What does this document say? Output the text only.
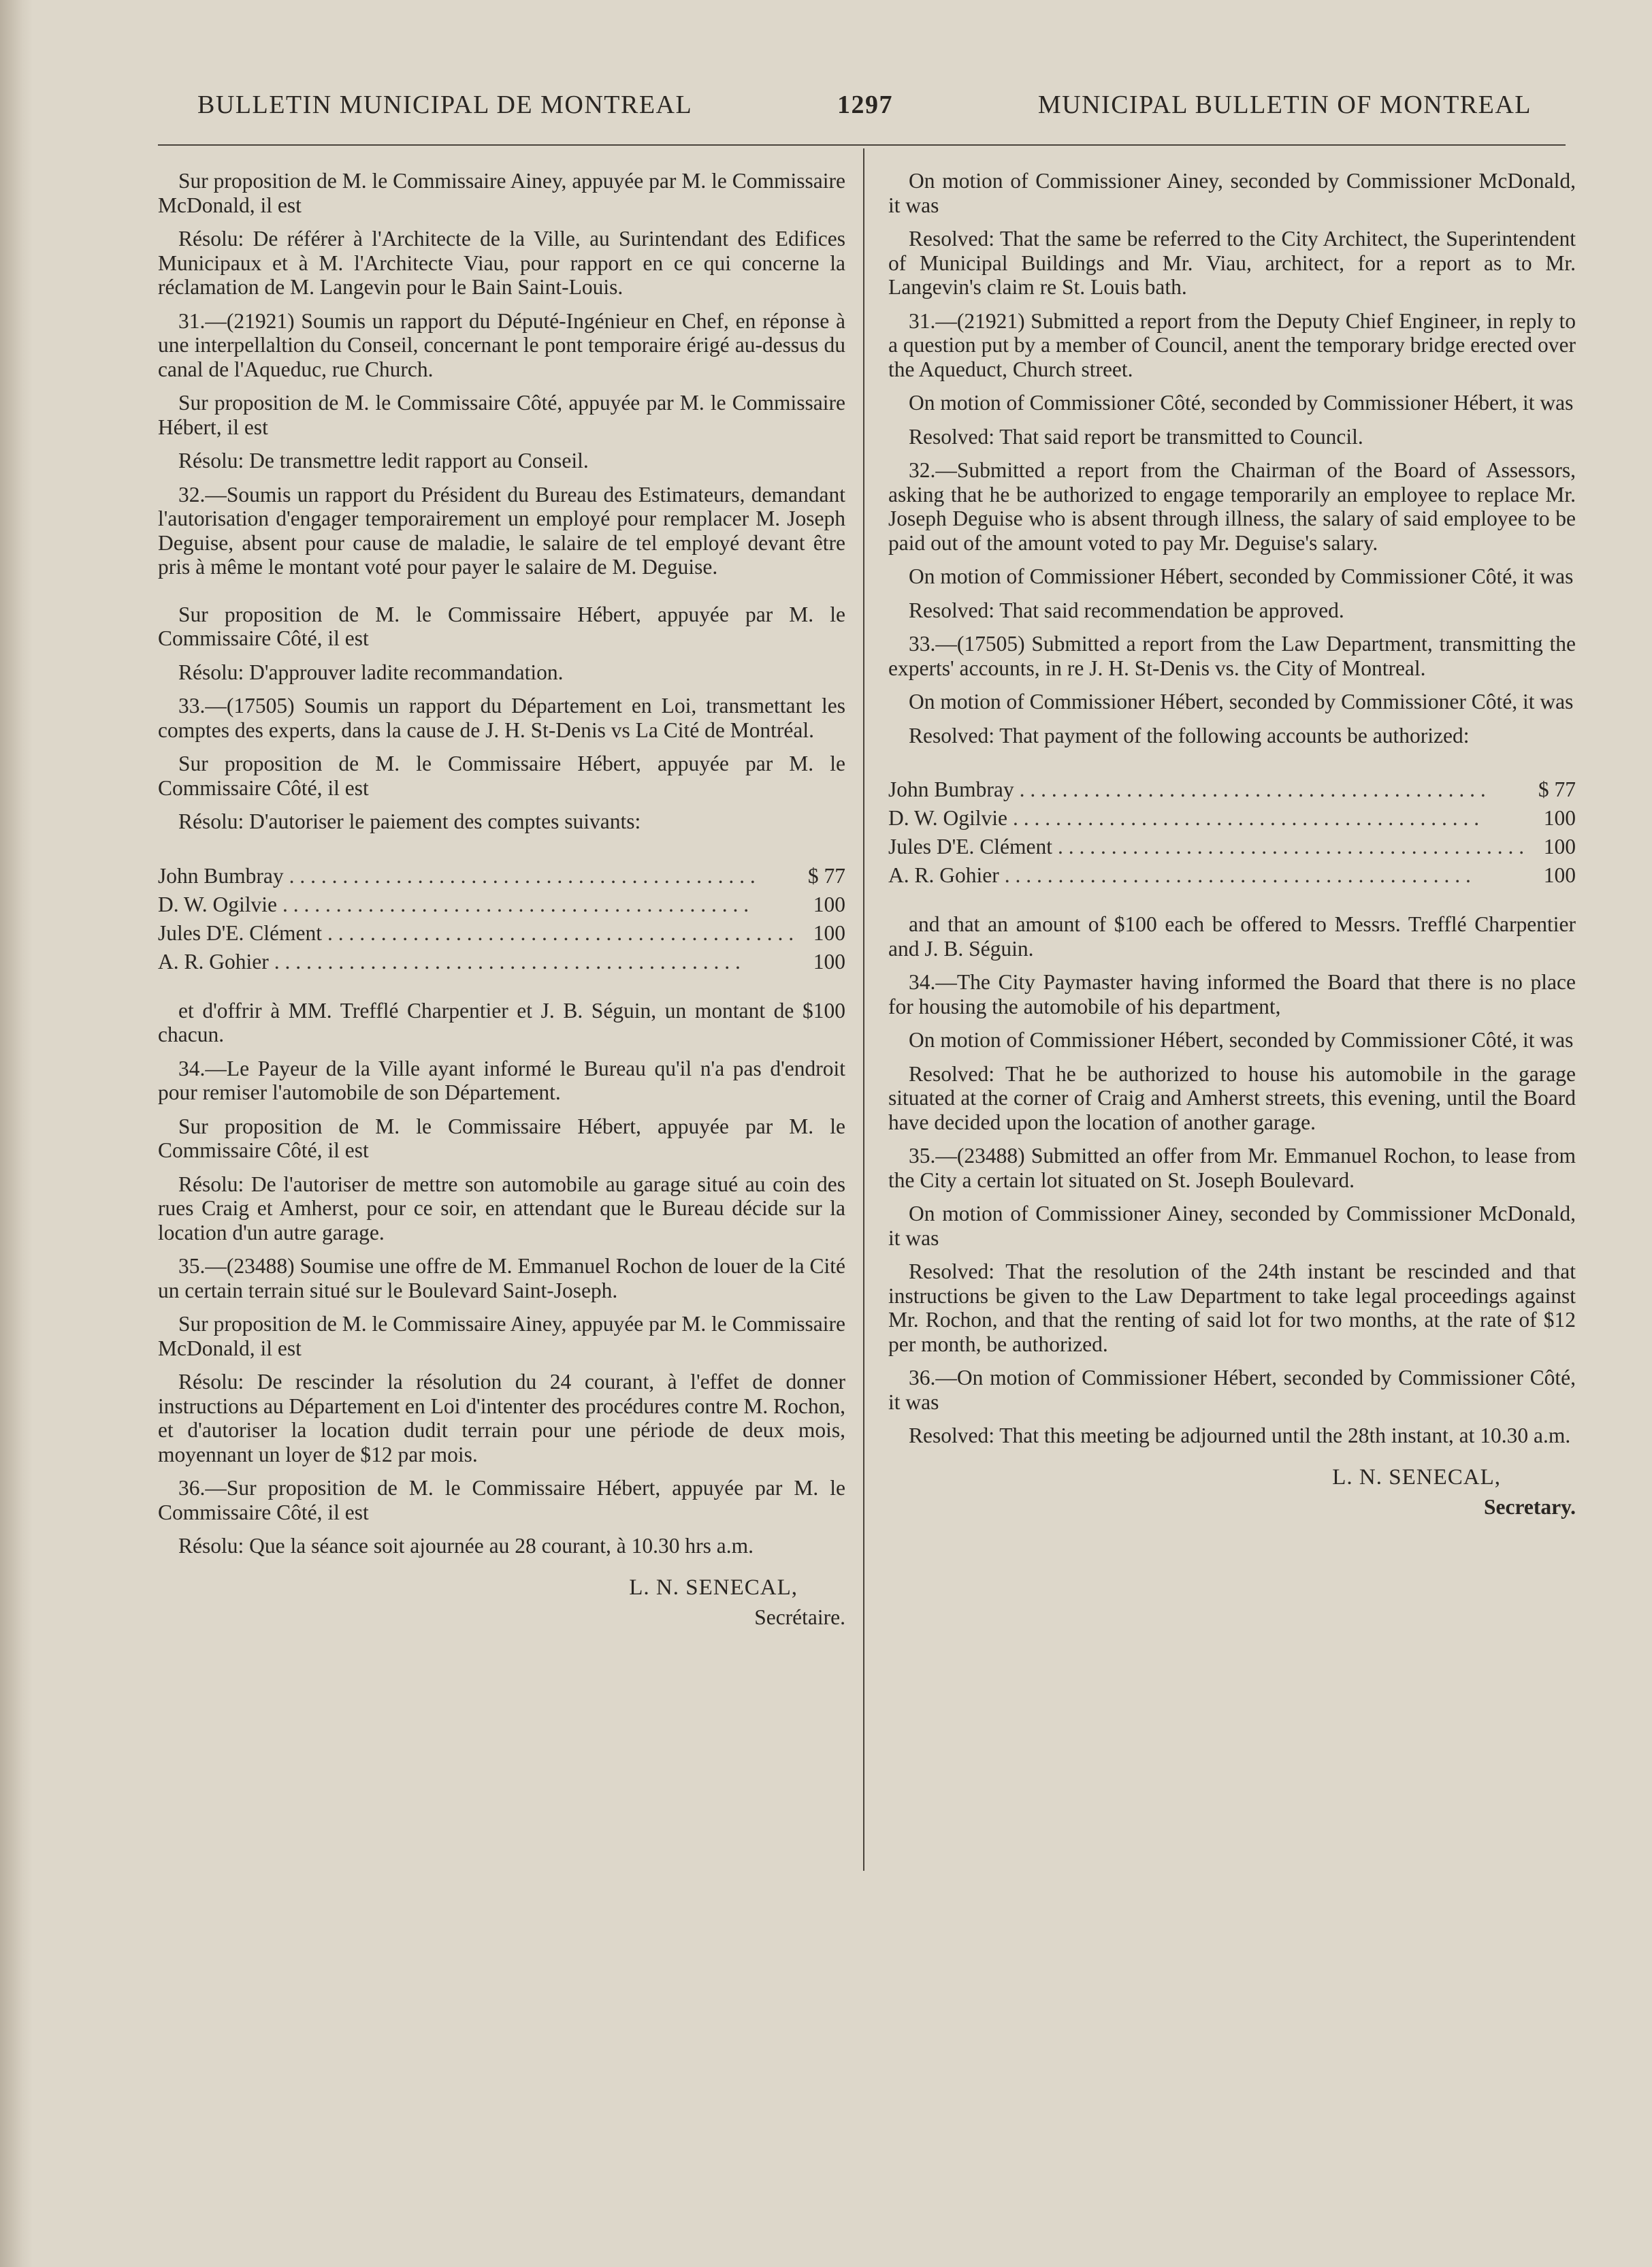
BULLETIN MUNICIPAL DE MONTREAL	1297	MUNICIPAL BULLETIN OF MONTREAL

Sur proposition de M. le Commissaire Ainey, appuyée par M. le Commissaire McDonald, il est

Résolu: De référer à l'Architecte de la Ville, au Surintendant des Edifices Municipaux et à M. l'Architecte Viau, pour rapport en ce qui concerne la réclamation de M. Langevin pour le Bain Saint-Louis.

31.—(21921) Soumis un rapport du Député-Ingénieur en Chef, en réponse à une interpellaltion du Conseil, concernant le pont temporaire érigé au-dessus du canal de l'Aqueduc, rue Church.

Sur proposition de M. le Commissaire Côté, appuyée par M. le Commissaire Hébert, il est

Résolu: De transmettre ledit rapport au Conseil.

32.—Soumis un rapport du Président du Bureau des Estimateurs, demandant l'autorisation d'engager temporairement un employé pour remplacer M. Joseph Deguise, absent pour cause de maladie, le salaire de tel employé devant être pris à même le montant voté pour payer le salaire de M. Deguise.

Sur proposition de M. le Commissaire Hébert, appuyée par M. le Commissaire Côté, il est

Résolu: D'approuver ladite recommandation.

33.—(17505) Soumis un rapport du Département en Loi, transmettant les comptes des experts, dans la cause de J. H. St-Denis vs La Cité de Montréal.

Sur proposition de M. le Commissaire Hébert, appuyée par M. le Commissaire Côté, il est

Résolu: D'autoriser le paiement des comptes suivants:

John Bumbray . . . . . . . . . . . . . . . . . . . . . . . . . . . . . . . . . . . . . . . . . . . .	$ 77
D. W. Ogilvie . . . . . . . . . . . . . . . . . . . . . . . . . . . . . . . . . . . . . . . . . . . .	100
Jules D'E. Clément . . . . . . . . . . . . . . . . . . . . . . . . . . . . . . . . . . . . . . . . . . . . 100
A. R. Gohier . . . . . . . . . . . . . . . . . . . . . . . . . . . . . . . . . . . . . . . . . . . .	100

et d'offrir à MM. Trefflé Charpentier et J. B. Séguin, un montant de $100 chacun.

34.—Le Payeur de la Ville ayant informé le Bureau qu'il n'a pas d'endroit pour remiser l'automobile de son Département.

Sur proposition de M. le Commissaire Hébert, appuyée par M. le Commissaire Côté, il est

Résolu: De l'autoriser de mettre son automobile au garage situé au coin des rues Craig et Amherst, pour ce soir, en attendant que le Bureau décide sur la location d'un autre garage.

35.—(23488) Soumise une offre de M. Emmanuel Rochon de louer de la Cité un certain terrain situé sur le Boulevard Saint-Joseph.

Sur proposition de M. le Commissaire Ainey, appuyée par M. le Commissaire McDonald, il est

Résolu: De rescinder la résolution du 24 courant, à l'effet de donner instructions au Département en Loi d'intenter des procédures contre M. Rochon, et d'autoriser la location dudit terrain pour une période de deux mois, moyennant un loyer de $12 par mois.

36.—Sur proposition de M. le Commissaire Hébert, appuyée par M. le Commissaire Côté, il est

Résolu: Que la séance soit ajournée au 28 courant, à 10.30 hrs a.m.

L. N. SENECAL,
Secrétaire.

On motion of Commissioner Ainey, seconded by Commissioner McDonald, it was

Resolved: That the same be referred to the City Architect, the Superintendent of Municipal Buildings and Mr. Viau, architect, for a report as to Mr. Langevin's claim re St. Louis bath.

31.—(21921) Submitted a report from the Deputy Chief Engineer, in reply to a question put by a member of Council, anent the temporary bridge erected over the Aqueduct, Church street.

On motion of Commissioner Côté, seconded by Commissioner Hébert, it was

Resolved: That said report be transmitted to Council.

32.—Submitted a report from the Chairman of the Board of Assessors, asking that he be authorized to engage temporarily an employee to replace Mr. Joseph Deguise who is absent through illness, the salary of said employee to be paid out of the amount voted to pay Mr. Deguise's salary.

On motion of Commissioner Hébert, seconded by Commissioner Côté, it was

Resolved: That said recommendation be approved.

33.—(17505) Submitted a report from the Law Department, transmitting the experts' accounts, in re J. H. St-Denis vs. the City of Montreal.

On motion of Commissioner Hébert, seconded by Commissioner Côté, it was

Resolved: That payment of the following accounts be authorized:

John Bumbray . . . . . . . . . . . . . . . . . . . . . . . . . . . . . . . . . . . . . . . . . . . .	$ 77
D. W. Ogilvie . . . . . . . . . . . . . . . . . . . . . . . . . . . . . . . . . . . . . . . . . . . .	100
Jules D'E. Clément . . . . . . . . . . . . . . . . . . . . . . . . . . . . . . . . . . . . . . . . . . . . 100
A. R. Gohier . . . . . . . . . . . . . . . . . . . . . . . . . . . . . . . . . . . . . . . . . . . .	100

and that an amount of $100 each be offered to Messrs. Trefflé Charpentier and J. B. Séguin.

34.—The City Paymaster having informed the Board that there is no place for housing the automobile of his department,

On motion of Commissioner Hébert, seconded by Commissioner Côté, it was

Resolved: That he be authorized to house his automobile in the garage situated at the corner of Craig and Amherst streets, this evening, until the Board have decided upon the location of another garage.

35.—(23488) Submitted an offer from Mr. Emmanuel Rochon, to lease from the City a certain lot situated on St. Joseph Boulevard.

On motion of Commissioner Ainey, seconded by Commissioner McDonald, it was

Resolved: That the resolution of the 24th instant be rescinded and that instructions be given to the Law Department to take legal proceedings against Mr. Rochon, and that the renting of said lot for two months, at the rate of $12 per month, be authorized.

36.—On motion of Commissioner Hébert, seconded by Commissioner Côté, it was

Resolved: That this meeting be adjourned until the 28th instant, at 10.30 a.m.

L. N. SENECAL,
Secretary.
